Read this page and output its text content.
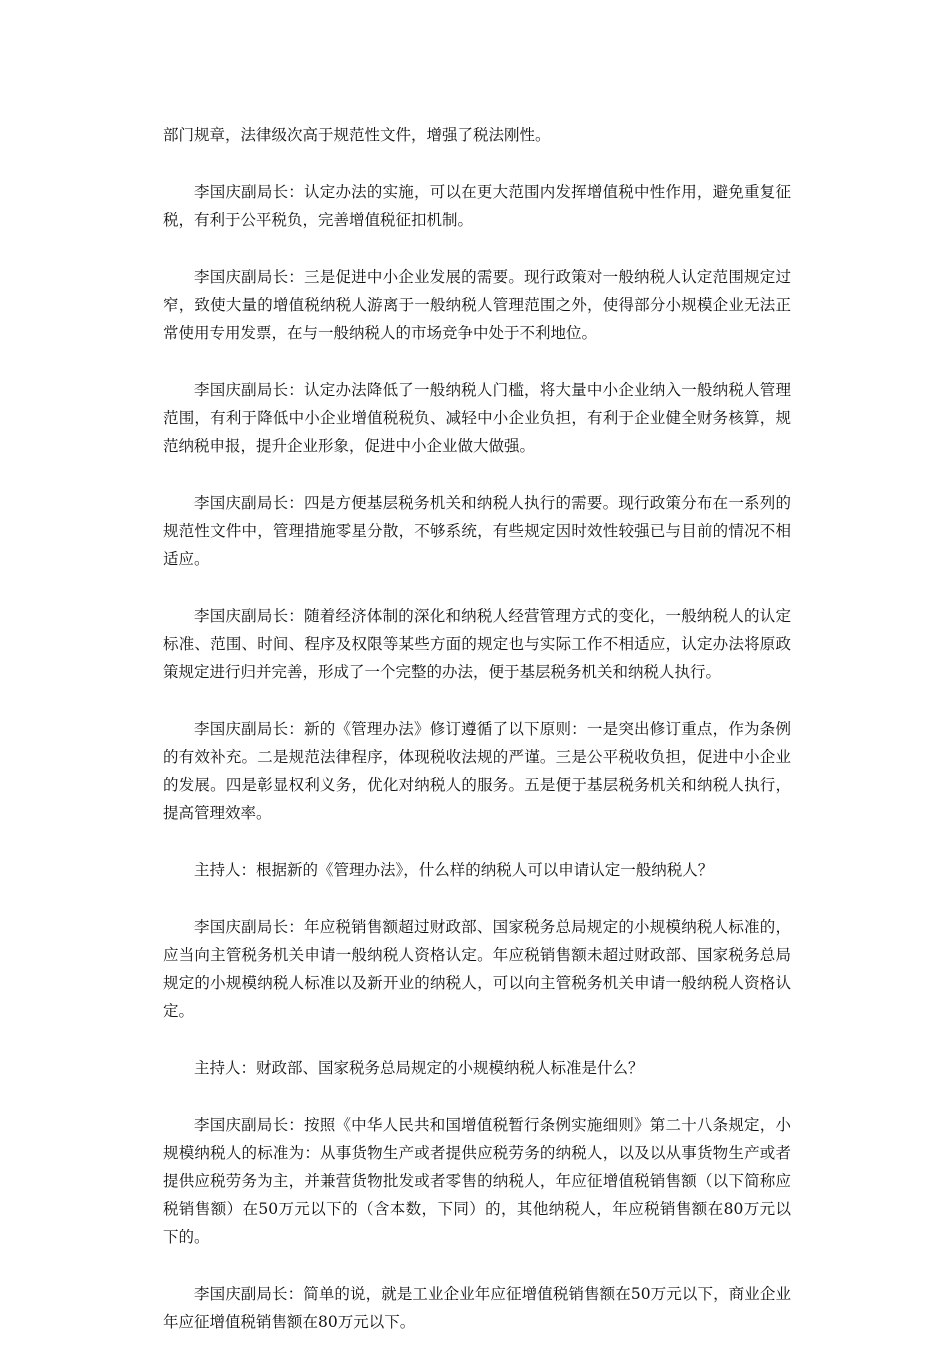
部门规章，法律级次高于规范性文件，增强了税法刚性。

李国庆副局长：认定办法的实施，可以在更大范围内发挥增值税中性作用，避免重复征税，有利于公平税负，完善增值税征扣机制。

李国庆副局长：三是促进中小企业发展的需要。现行政策对一般纳税人认定范围规定过窄，致使大量的增值税纳税人游离于一般纳税人管理范围之外，使得部分小规模企业无法正常使用专用发票，在与一般纳税人的市场竞争中处于不利地位。

李国庆副局长：认定办法降低了一般纳税人门槛，将大量中小企业纳入一般纳税人管理范围，有利于降低中小企业增值税税负、减轻中小企业负担，有利于企业健全财务核算，规范纳税申报，提升企业形象，促进中小企业做大做强。

李国庆副局长：四是方便基层税务机关和纳税人执行的需要。现行政策分布在一系列的规范性文件中，管理措施零星分散，不够系统，有些规定因时效性较强已与目前的情况不相适应。

李国庆副局长：随着经济体制的深化和纳税人经营管理方式的变化，一般纳税人的认定标准、范围、时间、程序及权限等某些方面的规定也与实际工作不相适应，认定办法将原政策规定进行归并完善，形成了一个完整的办法，便于基层税务机关和纳税人执行。

李国庆副局长：新的《管理办法》修订遵循了以下原则：一是突出修订重点，作为条例的有效补充。二是规范法律程序，体现税收法规的严谨。三是公平税收负担，促进中小企业的发展。四是彰显权利义务，优化对纳税人的服务。五是便于基层税务机关和纳税人执行，提高管理效率。

主持人：根据新的《管理办法》，什么样的纳税人可以申请认定一般纳税人？

李国庆副局长：年应税销售额超过财政部、国家税务总局规定的小规模纳税人标准的，应当向主管税务机关申请一般纳税人资格认定。年应税销售额未超过财政部、国家税务总局规定的小规模纳税人标准以及新开业的纳税人，可以向主管税务机关申请一般纳税人资格认定。

主持人：财政部、国家税务总局规定的小规模纳税人标准是什么？

李国庆副局长：按照《中华人民共和国增值税暂行条例实施细则》第二十八条规定，小规模纳税人的标准为：从事货物生产或者提供应税劳务的纳税人，以及以从事货物生产或者提供应税劳务为主，并兼营货物批发或者零售的纳税人，年应征增值税销售额（以下简称应税销售额）在50万元以下的（含本数，下同）的，其他纳税人，年应税销售额在80万元以下的。

李国庆副局长：简单的说，就是工业企业年应征增值税销售额在50万元以下，商业企业年应征增值税销售额在80万元以下。
